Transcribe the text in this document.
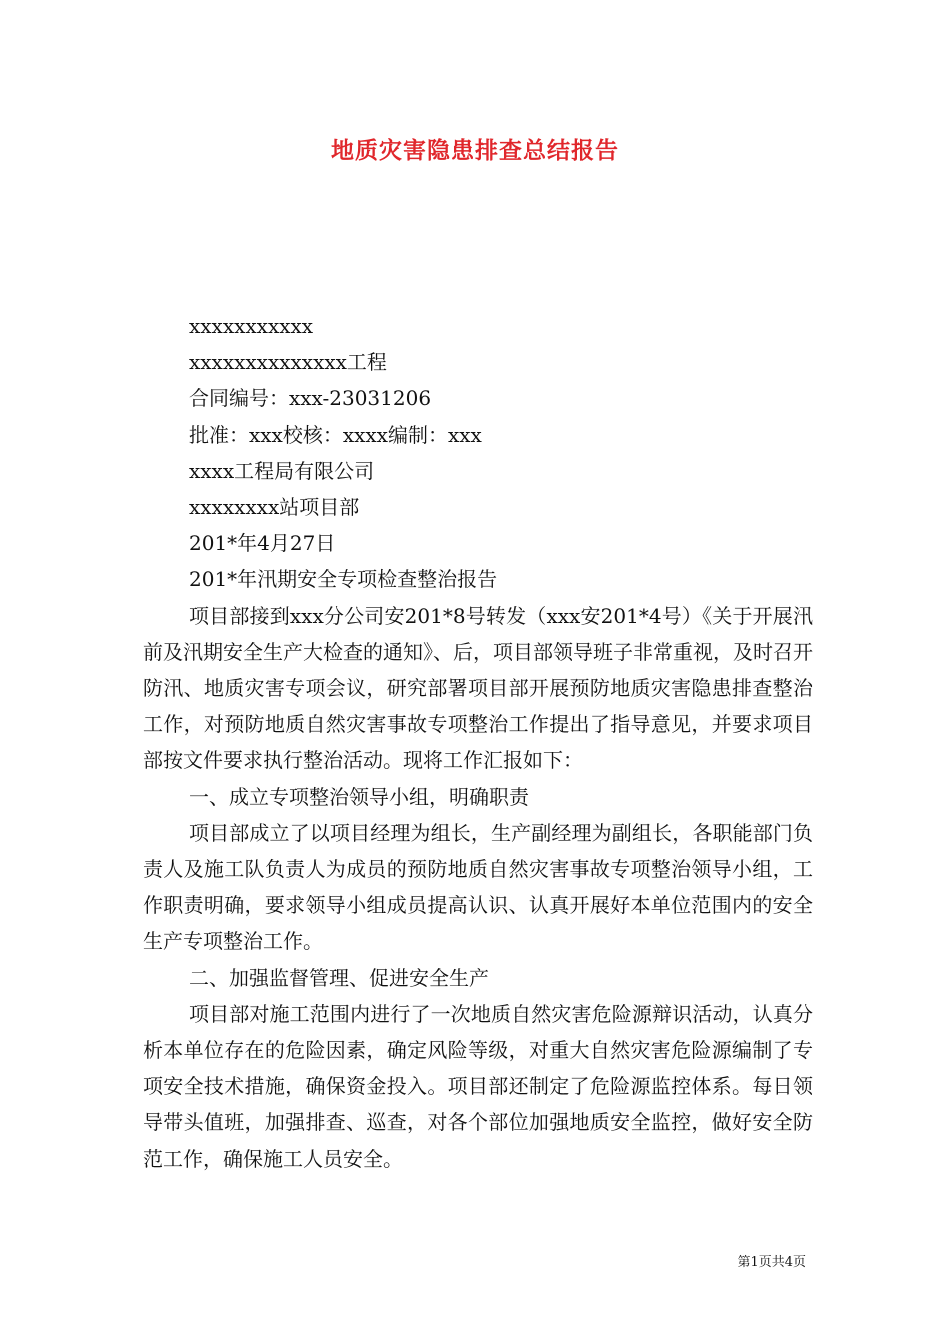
地质灾害隐患排查总结报告

xxxxxxxxxxx

xxxxxxxxxxxxxx工程

合同编号：xxx-23031206

批准：xxx校核：xxxx编制：xxx

xxxx工程局有限公司

xxxxxxxx站项目部

201*年4月27日

201*年汛期安全专项检查整治报告

项目部接到xxx分公司安201*8号转发（xxx安201*4号）《关于开展汛前及汛期安全生产大检查的通知》、后，项目部领导班子非常重视，及时召开防汛、地质灾害专项会议，研究部署项目部开展预防地质灾害隐患排查整治工作，对预防地质自然灾害事故专项整治工作提出了指导意见，并要求项目部按文件要求执行整治活动。现将工作汇报如下：

一、成立专项整治领导小组，明确职责

项目部成立了以项目经理为组长，生产副经理为副组长，各职能部门负责人及施工队负责人为成员的预防地质自然灾害事故专项整治领导小组，工作职责明确，要求领导小组成员提高认识、认真开展好本单位范围内的安全生产专项整治工作。

二、加强监督管理、促进安全生产

项目部对施工范围内进行了一次地质自然灾害危险源辩识活动，认真分析本单位存在的危险因素，确定风险等级，对重大自然灾害危险源编制了专项安全技术措施，确保资金投入。项目部还制定了危险源监控体系。每日领导带头值班，加强排查、巡查，对各个部位加强地质安全监控，做好安全防范工作，确保施工人员安全。

第1页共4页
